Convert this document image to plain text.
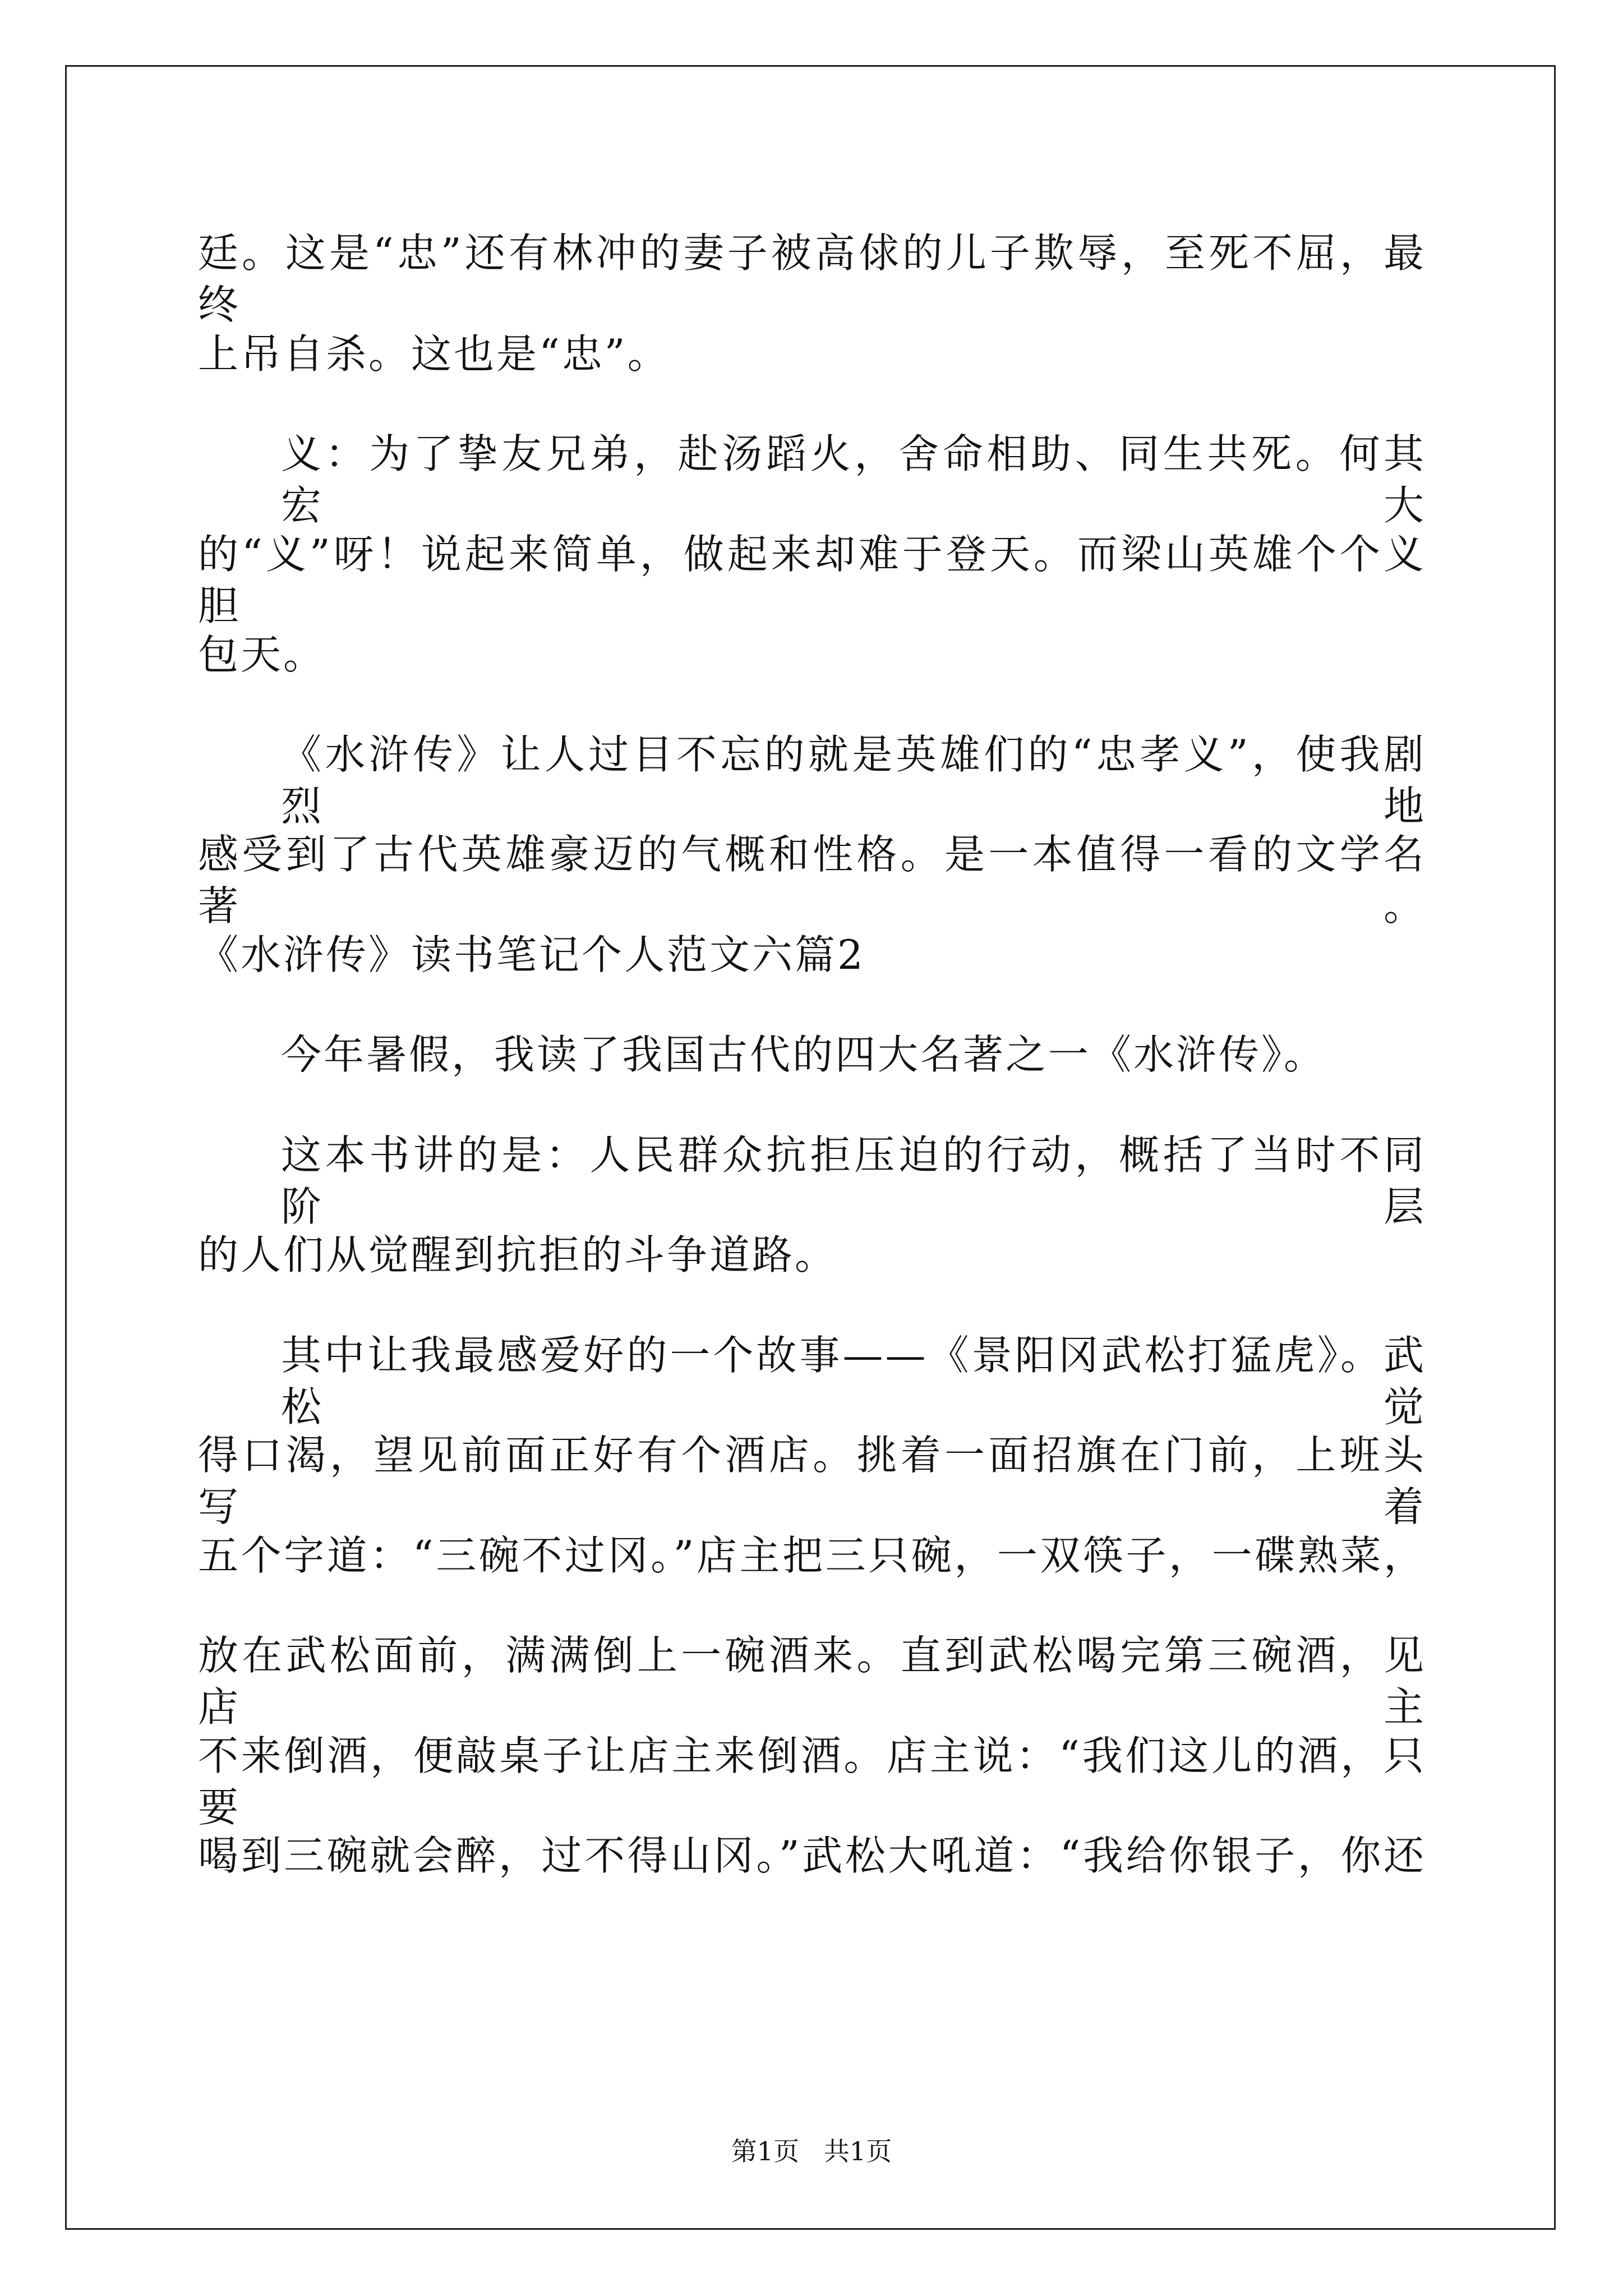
廷。这是“忠”还有林冲的妻子被高俅的儿子欺辱，至死不屈，最终
上吊自杀。这也是“忠”。
义：为了挚友兄弟，赴汤蹈火，舍命相助、同生共死。何其宏大
的“义”呀！说起来简单，做起来却难于登天。而梁山英雄个个义胆
包天。
《水浒传》让人过目不忘的就是英雄们的“忠孝义”，使我剧烈地
感受到了古代英雄豪迈的气概和性格。是一本值得一看的文学名著。
《水浒传》读书笔记个人范文六篇2
今年暑假，我读了我国古代的四大名著之一《水浒传》。
这本书讲的是：人民群众抗拒压迫的行动，概括了当时不同阶层
的人们从觉醒到抗拒的斗争道路。
其中让我最感爱好的一个故事——《景阳冈武松打猛虎》。武松觉
得口渴，望见前面正好有个酒店。挑着一面招旗在门前，上班头写着
五个字道：“三碗不过冈。”店主把三只碗，一双筷子，一碟熟菜，
放在武松面前，满满倒上一碗酒来。直到武松喝完第三碗酒，见店主
不来倒酒，便敲桌子让店主来倒酒。店主说：“我们这儿的酒，只要
喝到三碗就会醉，过不得山冈。”武松大吼道：“我给你银子，你还
第1页   共1页
